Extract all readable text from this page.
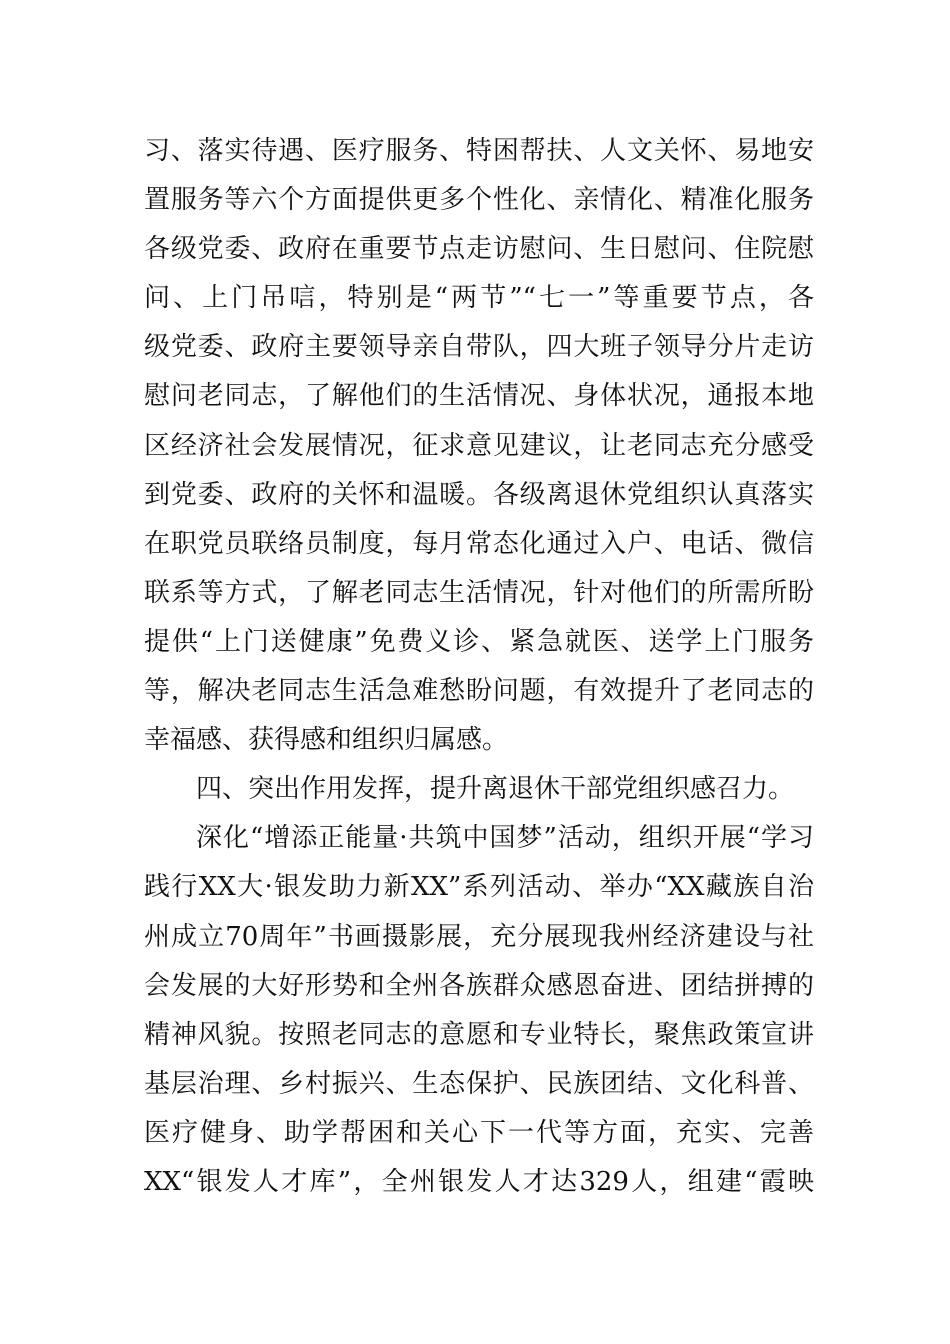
习、落实待遇、医疗服务、特困帮扶、人文关怀、易地安
置服务等六个方面提供更多个性化、亲情化、精准化服务
各级党委、政府在重要节点走访慰问、生日慰问、住院慰
问、上门吊唁，特别是“两节”“七一”等重要节点，各
级党委、政府主要领导亲自带队，四大班子领导分片走访
慰问老同志，了解他们的生活情况、身体状况，通报本地
区经济社会发展情况，征求意见建议，让老同志充分感受
到党委、政府的关怀和温暖。各级离退休党组织认真落实
在职党员联络员制度，每月常态化通过入户、电话、微信
联系等方式，了解老同志生活情况，针对他们的所需所盼
提供“上门送健康”免费义诊、紧急就医、送学上门服务
等，解决老同志生活急难愁盼问题，有效提升了老同志的
幸福感、获得感和组织归属感。
四、突出作用发挥，提升离退休干部党组织感召力。
深化“增添正能量·共筑中国梦”活动，组织开展“学习
践行XX大·银发助力新XX”系列活动、举办“XX藏族自治
州成立70周年”书画摄影展，充分展现我州经济建设与社
会发展的大好形势和全州各族群众感恩奋进、团结拼搏的
精神风貌。按照老同志的意愿和专业特长，聚焦政策宣讲
基层治理、乡村振兴、生态保护、民族团结、文化科普、
医疗健身、助学帮困和关心下一代等方面，充实、完善
XX“银发人才库”，全州银发人才达329人，组建“霞映
